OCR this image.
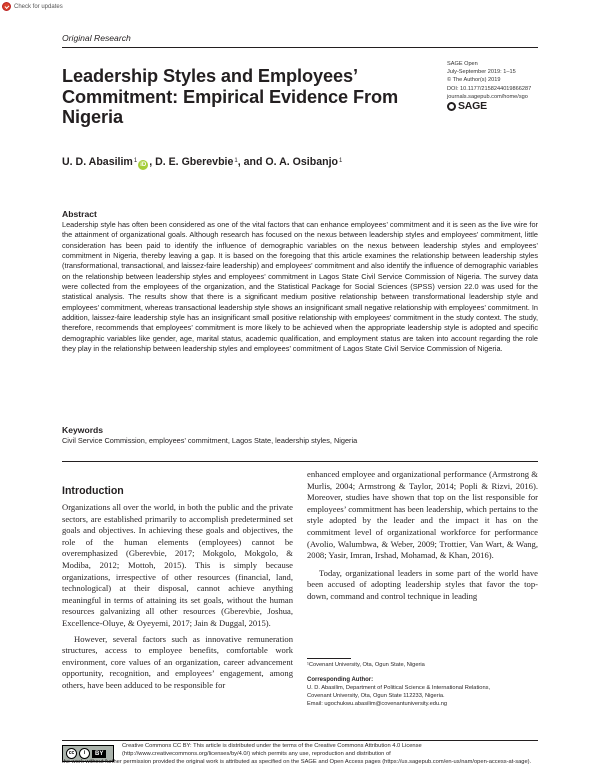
Check for updates
Original Research
SAGE Open
July-September 2019: 1–15
© The Author(s) 2019
DOI: 10.1177/2158244019866287
journals.sagepub.com/home/sgo
SAGE
Leadership Styles and Employees’ Commitment: Empirical Evidence From Nigeria
U. D. Abasilim$^1$
iD , D. E. Gberevbie$^1$ , and O. A. Osibanjo$^1$
Abstract
Leadership style has often been considered as one of the vital factors that can enhance employees’ commitment and it is seen as the live wire for the attainment of organizational goals. Although research has focused on the nexus between leadership styles and employees’ commitment, little consideration has been paid to identify the influence of demographic variables on the nexus between leadership styles and employees’ commitment in Nigeria, thereby leaving a gap. It is based on the foregoing that this article examines the relationship between leadership styles (transformational, transactional, and laissez-faire leadership) and employees’ commitment and also identify the influence of demographic variables on the relationship between leadership styles and employees’ commitment in Lagos State Civil Service Commission of Nigeria. The survey data were collected from the employees of the organization, and the Statistical Package for Social Sciences (SPSS) version 22.0 was used for the statistical analysis. The results show that there is a significant medium positive relationship between transformational leadership style and employees’ commitment, whereas transactional leadership style shows an insignificant small negative relationship with employees’ commitment. In addition, laissez-faire leadership style has an insignificant small positive relationship with employees’ commitment in the study context. The study, therefore, recommends that employees’ commitment is more likely to be achieved when the appropriate leadership style is adopted and specific demographic variables like gender, age, marital status, academic qualification, and employment status are taken into account regarding the role they play in the relationship between leadership styles and employees’ commitment of Lagos State Civil Service Commission of Nigeria.
Keywords
Civil Service Commission, employees’ commitment, Lagos State, leadership styles, Nigeria
Introduction

Organizations all over the world, in both the public and the private sectors, are established primarily to accomplish predetermined set goals and objectives. In achieving these goals and objectives, the role of the human elements (employees) cannot be overemphasized (Gberevbie, 2017; Mokgolo, Mokgolo, & Modiba, 2012; Mottoh, 2015). This is simply because organizations, irrespective of other resources (financial, land, technological) at their disposal, cannot achieve anything meaningful in terms of attaining its set goals, without the human resources galvanizing all other resources (Gberevbie, Joshua, Excellence-Oluye, & Oyeyemi, 2017; Jain & Duggal, 2015).

However, several factors such as innovative remuneration structures, access to employee benefits, comfortable work environment, core values of an organization, career advancement opportunity, recognition, and employees’ engagement, among others, have been adduced to be responsible for

enhanced employee and organizational performance (Armstrong & Murlis, 2004; Armstrong & Taylor, 2014; Popli & Rizvi, 2016). Moreover, studies have shown that top on the list responsible for employees’ commitment has been leadership, which pertains to the style adopted by the leader and the impact it has on the commitment level of organizational workforce for performance (Avolio, Walumbwa, & Weber, 2009; Trottier, Van Wart, & Wang, 2008; Yasir, Imran, Irshad, Mohamad, & Khan, 2016).

Today, organizational leaders in some part of the world have been accused of adopting leadership styles that favor the top-down, command and control technique in leading

¹Covenant University, Ota, Ogun State, Nigeria
Corresponding Author:
U. D. Abasilim, Department of Political Science & International Relations,
Covenant University, Ota, Ogun State 112233, Nigeria.
Email: ugochukwu.abasilim@covenantuniversity.edu.ng
cc	i	BY
Creative Commons CC BY: This article is distributed under the terms of the Creative Commons Attribution 4.0 License (http://www.creativecommons.org/licenses/by/4.0/) which permits any use, reproduction and distribution of
the work without further permission provided the original work is attributed as specified on the SAGE and Open Access pages (https://us.sagepub.com/en-us/nam/open-access-at-sage).
